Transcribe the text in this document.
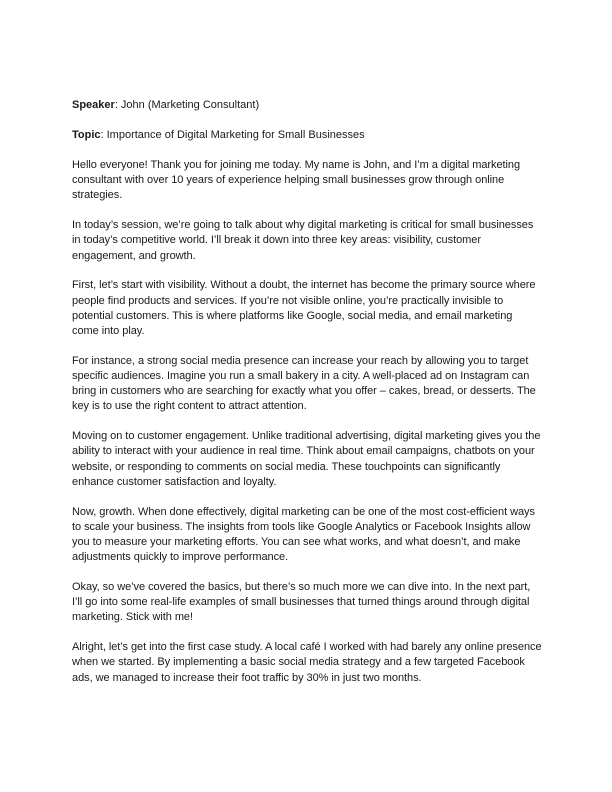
Speaker: John (Marketing Consultant)

Topic: Importance of Digital Marketing for Small Businesses

Hello everyone! Thank you for joining me today. My name is John, and I’m a digital marketing consultant with over 10 years of experience helping small businesses grow through online strategies.

In today’s session, we’re going to talk about why digital marketing is critical for small businesses in today’s competitive world. I’ll break it down into three key areas: visibility, customer engagement, and growth.

First, let’s start with visibility. Without a doubt, the internet has become the primary source where people find products and services. If you’re not visible online, you’re practically invisible to potential customers. This is where platforms like Google, social media, and email marketing come into play.

For instance, a strong social media presence can increase your reach by allowing you to target specific audiences. Imagine you run a small bakery in a city. A well-placed ad on Instagram can bring in customers who are searching for exactly what you offer – cakes, bread, or desserts. The key is to use the right content to attract attention.

Moving on to customer engagement. Unlike traditional advertising, digital marketing gives you the ability to interact with your audience in real time. Think about email campaigns, chatbots on your website, or responding to comments on social media. These touchpoints can significantly enhance customer satisfaction and loyalty.

Now, growth. When done effectively, digital marketing can be one of the most cost-efficient ways to scale your business. The insights from tools like Google Analytics or Facebook Insights allow you to measure your marketing efforts. You can see what works, and what doesn’t, and make adjustments quickly to improve performance.

Okay, so we’ve covered the basics, but there’s so much more we can dive into. In the next part, I’ll go into some real-life examples of small businesses that turned things around through digital marketing. Stick with me!

Alright, let’s get into the first case study. A local café I worked with had barely any online presence when we started. By implementing a basic social media strategy and a few targeted Facebook ads, we managed to increase their foot traffic by 30% in just two months.
